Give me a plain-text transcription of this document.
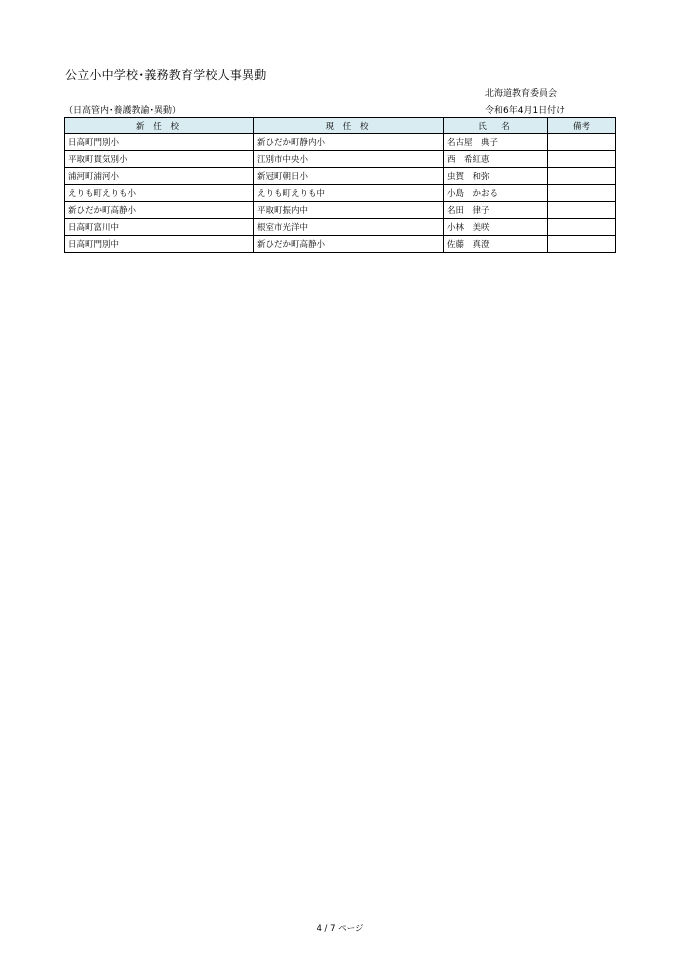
公立小中学校･義務教育学校人事異動
北海道教育委員会
（日高管内･養護教諭･異動）	令和6年4月1日付け
新 任 校	現 任 校	氏　名	備考
日高町門別小	新ひだか町静内小	名古屋　典子	
平取町貫気別小	江別市中央小	西　希紅恵	
浦河町浦河小	新冠町朝日小	虫賀　和弥	
えりも町えりも小	えりも町えりも中	小島　かおる	
新ひだか町高静小	平取町振内中	名田　律子	
日高町富川中	根室市光洋中	小林　美咲	
日高町門別中	新ひだか町高静小	佐藤　真澄	
4 / 7 ページ
